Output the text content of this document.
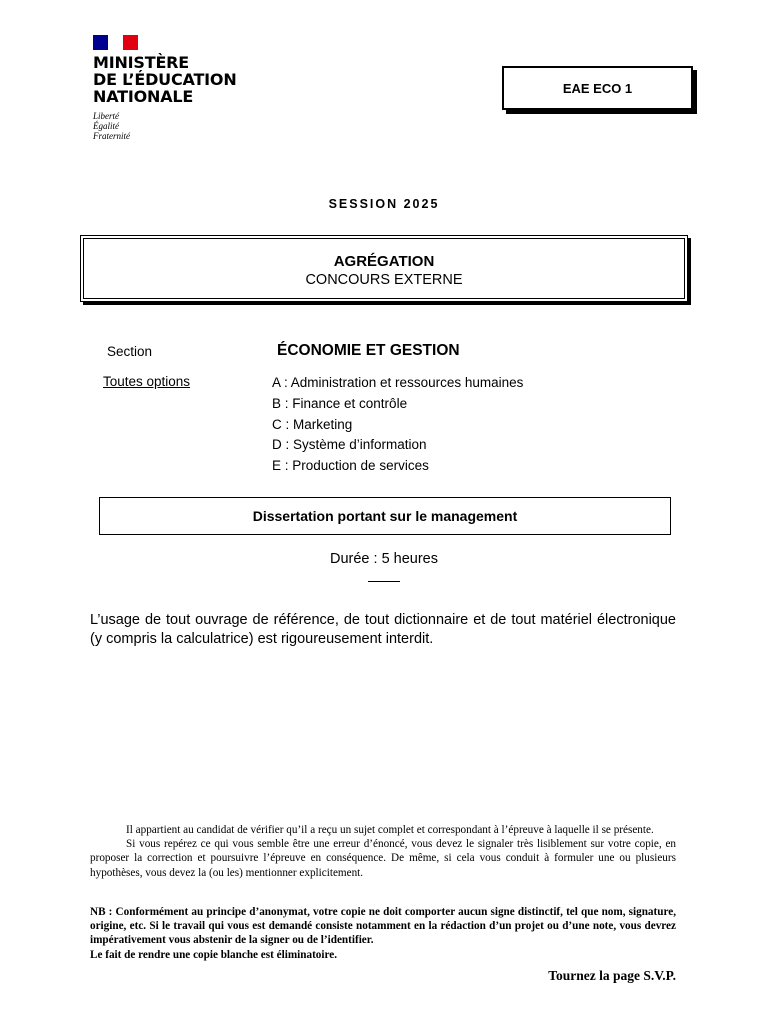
MINISTÈRE
DE L’ÉDUCATION
NATIONALE
Liberté
Égalité
Fraternité
EAE ECO 1
SESSION 2025
AGRÉGATION
CONCOURS EXTERNE
Section	ÉCONOMIE ET GESTION
Toutes options	A : Administration et ressources humaines
B : Finance et contrôle
C : Marketing
D : Système d’information
E : Production de services
Dissertation portant sur le management
Durée : 5 heures
L’usage de tout ouvrage de référence, de tout dictionnaire et de tout matériel électronique (y compris la calculatrice) est rigoureusement interdit.

Il appartient au candidat de vérifier qu’il a reçu un sujet complet et correspondant à l’épreuve à laquelle il se présente.

Si vous repérez ce qui vous semble être une erreur d’énoncé, vous devez le signaler très lisiblement sur votre copie, en proposer la correction et poursuivre l’épreuve en conséquence. De même, si cela vous conduit à formuler une ou plusieurs hypothèses, vous devez la (ou les) mentionner explicitement.

NB : Conformément au principe d’anonymat, votre copie ne doit comporter aucun signe distinctif, tel que nom, signature, origine, etc. Si le travail qui vous est demandé consiste notamment en la rédaction d’un projet ou d’une note, vous devrez impérativement vous abstenir de la signer ou de l’identifier.

Le fait de rendre une copie blanche est éliminatoire.

Tournez la page S.V.P.
